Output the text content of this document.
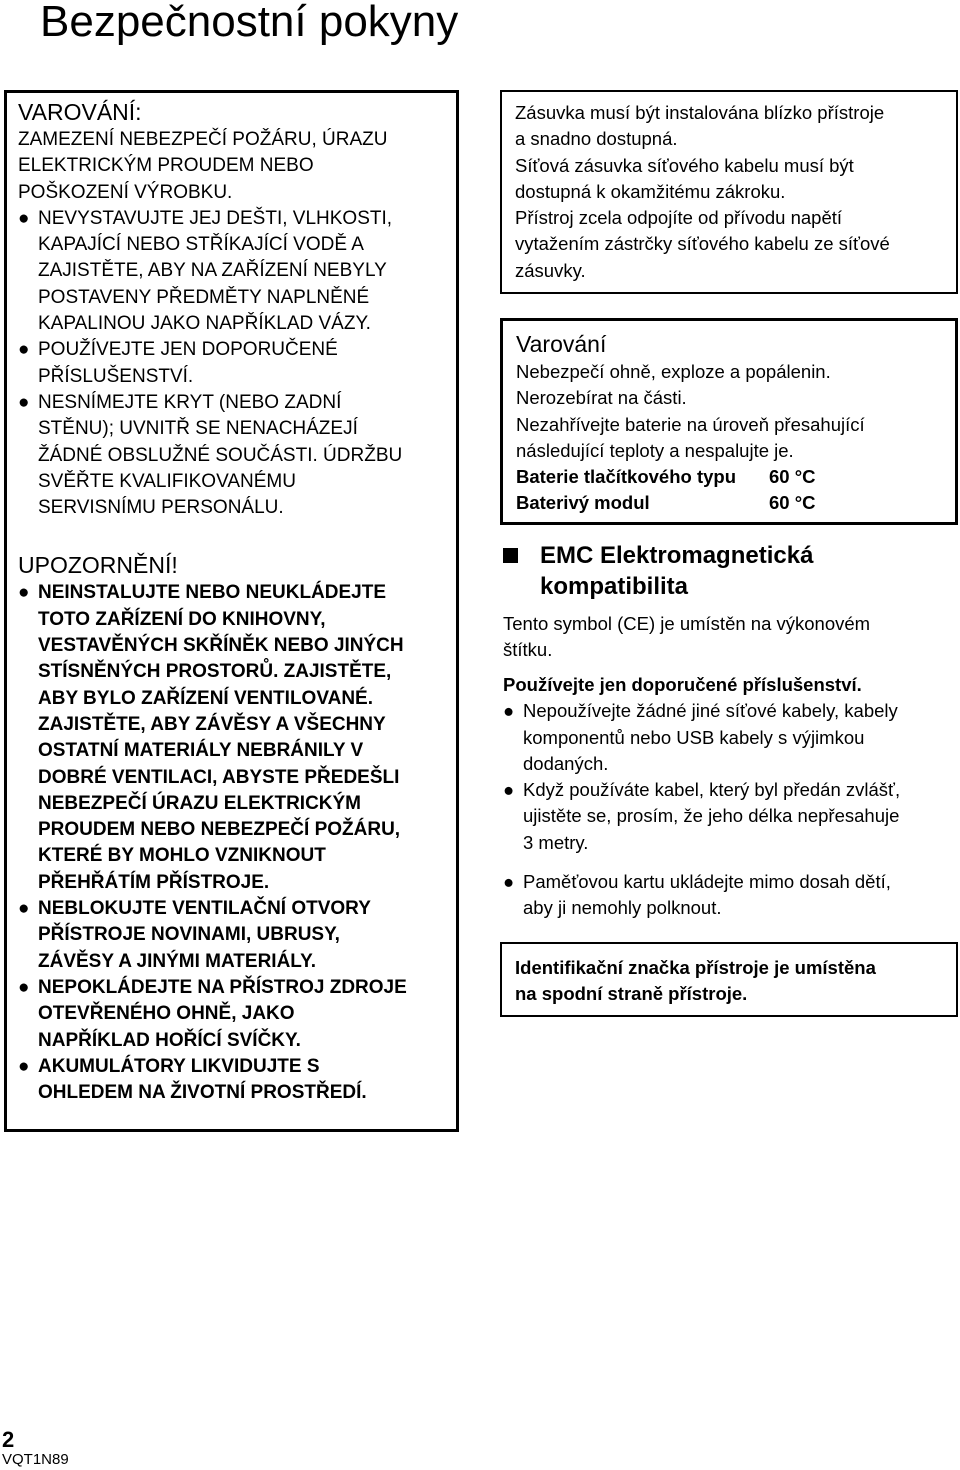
Bezpečnostní pokyny
VAROVÁNÍ:
ZAMEZENÍ NEBEZPEČÍ POŽÁRU, ÚRAZU
ELEKTRICKÝM PROUDEM NEBO
POŠKOZENÍ VÝROBKU.
● NEVYSTAVUJTE JEJ DEŠTI, VLHKOSTI,
KAPAJÍCÍ NEBO STŘÍKAJÍCÍ VODĚ A
ZAJISTĚTE, ABY NA ZAŘÍZENÍ NEBYLY
POSTAVENY PŘEDMĚTY NAPLNĚNÉ
KAPALINOU JAKO NAPŘÍKLAD VÁZY.
● POUŽÍVEJTE JEN DOPORUČENÉ
PŘÍSLUŠENSTVÍ.
● NESNÍMEJTE KRYT (NEBO ZADNÍ
STĚNU); UVNITŘ SE NENACHÁZEJÍ
ŽÁDNÉ OBSLUŽNÉ SOUČÁSTI. ÚDRŽBU
SVĚŘTE KVALIFIKOVANÉMU
SERVISNÍMU PERSONÁLU.
UPOZORNĚNÍ!
● NEINSTALUJTE NEBO NEUKLÁDEJTE
TOTO ZAŘÍZENÍ DO KNIHOVNY,
VESTAVĚNÝCH SKŘÍNĚK NEBO JINÝCH
STÍSNĚNÝCH PROSTORŮ. ZAJISTĚTE,
ABY BYLO ZAŘÍZENÍ VENTILOVANÉ.
ZAJISTĚTE, ABY ZÁVĚSY A VŠECHNY
OSTATNÍ MATERIÁLY NEBRÁNILY V
DOBRÉ VENTILACI, ABYSTE PŘEDEŠLI
NEBEZPEČÍ ÚRAZU ELEKTRICKÝM
PROUDEM NEBO NEBEZPEČÍ POŽÁRU,
KTERÉ BY MOHLO VZNIKNOUT
PŘEHŘÁTÍM PŘÍSTROJE.
● NEBLOKUJTE VENTILAČNÍ OTVORY
PŘÍSTROJE NOVINAMI, UBRUSY,
ZÁVĚSY A JINÝMI MATERIÁLY.
● NEPOKLÁDEJTE NA PŘÍSTROJ ZDROJE
OTEVŘENÉHO OHNĚ, JAKO
NAPŘÍKLAD HOŘÍCÍ SVÍČKY.
● AKUMULÁTORY LIKVIDUJTE S
OHLEDEM NA ŽIVOTNÍ PROSTŘEDÍ.
Zásuvka musí být instalována blízko přístroje
a snadno dostupná.
Síťová zásuvka síťového kabelu musí být
dostupná k okamžitému zákroku.
Přístroj zcela odpojíte od přívodu napětí
vytažením zástrčky síťového kabelu ze síťové
zásuvky.
Varování
Nebezpečí ohně, exploze a popálenin.
Nerozebírat na části.
Nezahřívejte baterie na úroveň přesahující
následující teploty a nespalujte je.
Baterie tlačítkového typu 60 °C
Baterivý modul	60 °C
EMC Elektromagnetická
kompatibilita
Tento symbol (CE) je umístěn na výkonovém
štítku.
Používejte jen doporučené příslušenství.
● Nepoužívejte žádné jiné síťové kabely, kabely
komponentů nebo USB kabely s výjimkou
dodaných.
● Když používáte kabel, který byl předán zvlášť,
ujistěte se, prosím, že jeho délka nepřesahuje
3 metry.
● Paměťovou kartu ukládejte mimo dosah dětí,
aby ji nemohly polknout.
Identifikační značka přístroje je umístěna
na spodní straně přístroje.
2
VQT1N89
